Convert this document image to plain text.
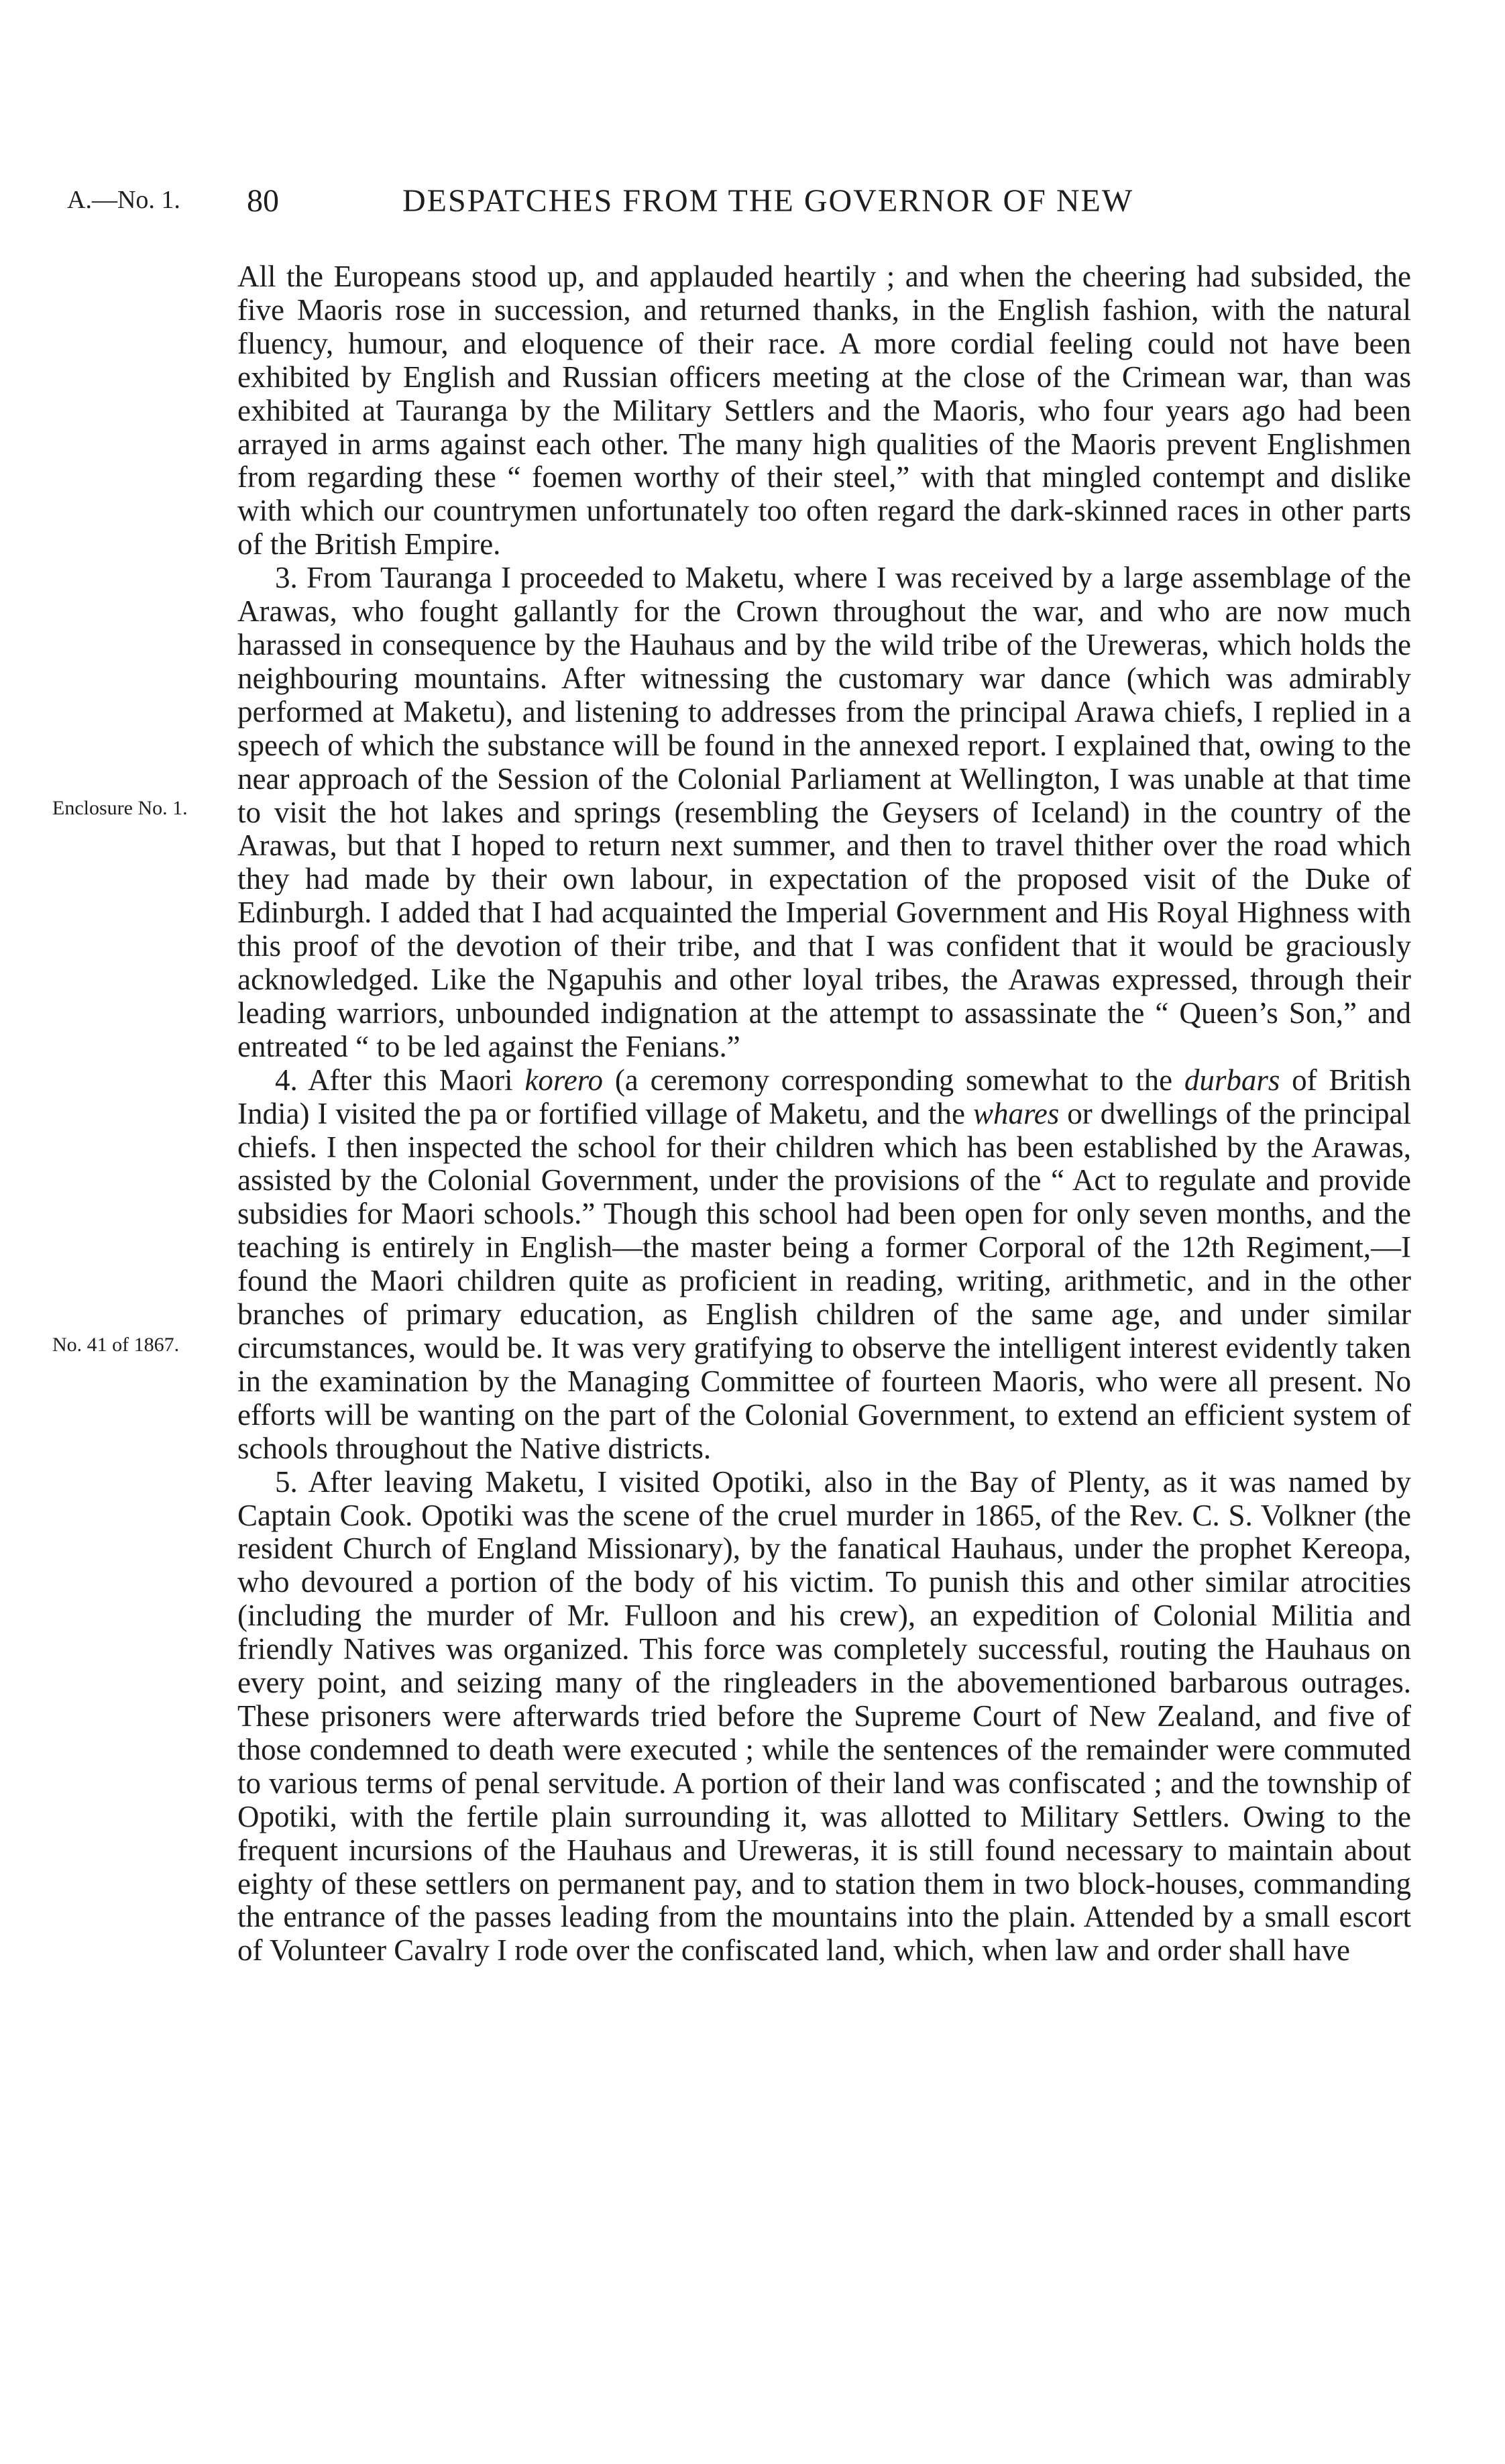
A.—No. 1. 80	DESPATCHES FROM THE GOVERNOR OF NEW
Enclosure No. 1.
No. 41 of 1867.

All the Europeans stood up, and applauded heartily ; and when the cheering had subsided, the five Maoris rose in succession, and returned thanks, in the English fashion, with the natural fluency, humour, and eloquence of their race. A more cordial feeling could not have been exhibited by English and Russian officers meeting at the close of the Crimean war, than was exhibited at Tauranga by the Military Settlers and the Maoris, who four years ago had been arrayed in arms against each other. The many high qualities of the Maoris prevent Englishmen from regarding these “ foemen worthy of their steel,” with that mingled contempt and dislike with which our countrymen unfortunately too often regard the dark-skinned races in other parts of the British Empire.

3. From Tauranga I proceeded to Maketu, where I was received by a large assemblage of the Arawas, who fought gallantly for the Crown throughout the war, and who are now much harassed in consequence by the Hauhaus and by the wild tribe of the Ureweras, which holds the neighbouring mountains. After witnessing the customary war dance (which was admirably performed at Maketu), and listening to addresses from the principal Arawa chiefs, I replied in a speech of which the substance will be found in the annexed report. I explained that, owing to the near approach of the Session of the Colonial Parliament at Wellington, I was unable at that time to visit the hot lakes and springs (resembling the Geysers of Iceland) in the country of the Arawas, but that I hoped to return next summer, and then to travel thither over the road which they had made by their own labour, in expectation of the proposed visit of the Duke of Edinburgh. I added that I had acquainted the Imperial Government and His Royal Highness with this proof of the devotion of their tribe, and that I was confident that it would be graciously acknowledged. Like the Ngapuhis and other loyal tribes, the Arawas expressed, through their leading warriors, unbounded indignation at the attempt to assassinate the “ Queen’s Son,” and entreated “ to be led against the Fenians.”

4. After this Maori korero (a ceremony corresponding somewhat to the durbars of British India) I visited the pa or fortified village of Maketu, and the whares or dwellings of the principal chiefs. I then inspected the school for their children which has been established by the Arawas, assisted by the Colonial Government, under the provisions of the “ Act to regulate and provide subsidies for Maori schools.” Though this school had been open for only seven months, and the teaching is entirely in English—the master being a former Corporal of the 12th Regiment,—I found the Maori children quite as proficient in reading, writing, arithmetic, and in the other branches of primary education, as English children of the same age, and under similar circumstances, would be. It was very gratifying to observe the intelligent interest evidently taken in the examination by the Managing Committee of fourteen Maoris, who were all present. No efforts will be wanting on the part of the Colonial Government, to extend an efficient system of schools throughout the Native districts.

5. After leaving Maketu, I visited Opotiki, also in the Bay of Plenty, as it was named by Captain Cook. Opotiki was the scene of the cruel murder in 1865, of the Rev. C. S. Volkner (the resident Church of England Missionary), by the fanatical Hauhaus, under the prophet Kereopa, who devoured a portion of the body of his victim. To punish this and other similar atrocities (including the murder of Mr. Fulloon and his crew), an expedition of Colonial Militia and friendly Natives was organized. This force was completely successful, routing the Hauhaus on every point, and seizing many of the ringleaders in the abovementioned barbarous outrages. These prisoners were afterwards tried before the Supreme Court of New Zealand, and five of those condemned to death were executed ; while the sentences of the remainder were commuted to various terms of penal servitude. A portion of their land was confiscated ; and the township of Opotiki, with the fertile plain surrounding it, was allotted to Military Settlers. Owing to the frequent incursions of the Hauhaus and Ureweras, it is still found necessary to maintain about eighty of these settlers on permanent pay, and to station them in two block-houses, commanding the entrance of the passes leading from the mountains into the plain. Attended by a small escort of Volunteer Cavalry I rode over the confiscated land, which, when law and order shall have
